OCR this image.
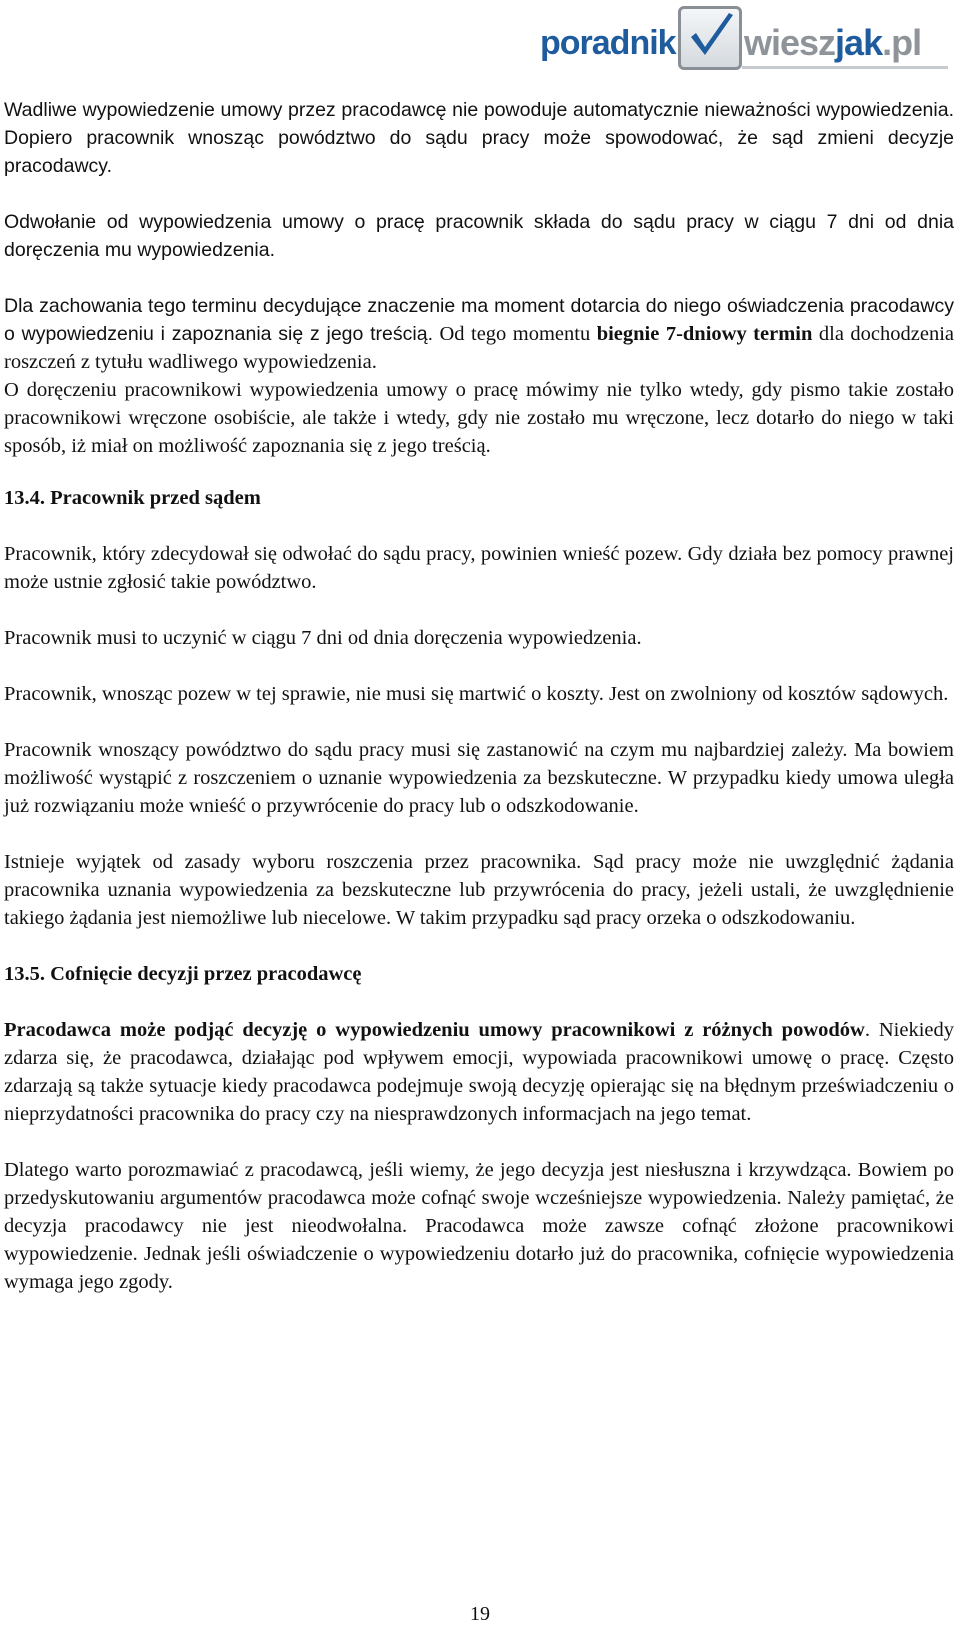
poradnik wieszjak.pl

Wadliwe wypowiedzenie umowy przez pracodawcę nie powoduje automatycznie nieważności wypowiedzenia. Dopiero pracownik wnosząc powództwo do sądu pracy może spowodować, że sąd zmieni decyzje pracodawcy.

Odwołanie od wypowiedzenia umowy o pracę pracownik składa do sądu pracy w ciągu 7 dni od dnia doręczenia mu wypowiedzenia.

Dla zachowania tego terminu decydujące znaczenie ma moment dotarcia do niego oświadczenia pracodawcy o wypowiedzeniu i zapoznania się z jego treścią. Od tego momentu biegnie 7-dniowy termin dla dochodzenia roszczeń z tytułu wadliwego wypowiedzenia.

O doręczeniu pracownikowi wypowiedzenia umowy o pracę mówimy nie tylko wtedy, gdy pismo takie zostało pracownikowi wręczone osobiście, ale także i wtedy, gdy nie zostało mu wręczone, lecz dotarło do niego w taki sposób, iż miał on możliwość zapoznania się z jego treścią.

13.4. Pracownik przed sądem

Pracownik, który zdecydował się odwołać do sądu pracy, powinien wnieść pozew. Gdy działa bez pomocy prawnej może ustnie zgłosić takie powództwo.

Pracownik musi to uczynić w ciągu 7 dni od dnia doręczenia wypowiedzenia.

Pracownik, wnosząc pozew w tej sprawie, nie musi się martwić o koszty. Jest on zwolniony od kosztów sądowych.

Pracownik wnoszący powództwo do sądu pracy musi się zastanowić na czym mu najbardziej zależy. Ma bowiem możliwość wystąpić z roszczeniem o uznanie wypowiedzenia za bezskuteczne. W przypadku kiedy umowa uległa już rozwiązaniu może wnieść o przywrócenie do pracy lub o odszkodowanie.

Istnieje wyjątek od zasady wyboru roszczenia przez pracownika. Sąd pracy może nie uwzględnić żądania pracownika uznania wypowiedzenia za bezskuteczne lub przywrócenia do pracy, jeżeli ustali, że uwzględnienie takiego żądania jest niemożliwe lub niecelowe. W takim przypadku sąd pracy orzeka o odszkodowaniu.

13.5. Cofnięcie decyzji przez pracodawcę

Pracodawca może podjąć decyzję o wypowiedzeniu umowy pracownikowi z różnych powodów. Niekiedy zdarza się, że pracodawca, działając pod wpływem emocji, wypowiada pracownikowi umowę o pracę. Często zdarzają są także sytuacje kiedy pracodawca podejmuje swoją decyzję opierając się na błędnym przeświadczeniu o nieprzydatności pracownika do pracy czy na niesprawdzonych informacjach na jego temat.

Dlatego warto porozmawiać z pracodawcą, jeśli wiemy, że jego decyzja jest niesłuszna i krzywdząca. Bowiem po przedyskutowaniu argumentów pracodawca może cofnąć swoje wcześniejsze wypowiedzenia. Należy pamiętać, że decyzja pracodawcy nie jest nieodwołalna. Pracodawca może zawsze cofnąć złożone pracownikowi wypowiedzenie. Jednak jeśli oświadczenie o wypowiedzeniu dotarło już do pracownika, cofnięcie wypowiedzenia wymaga jego zgody.

19
